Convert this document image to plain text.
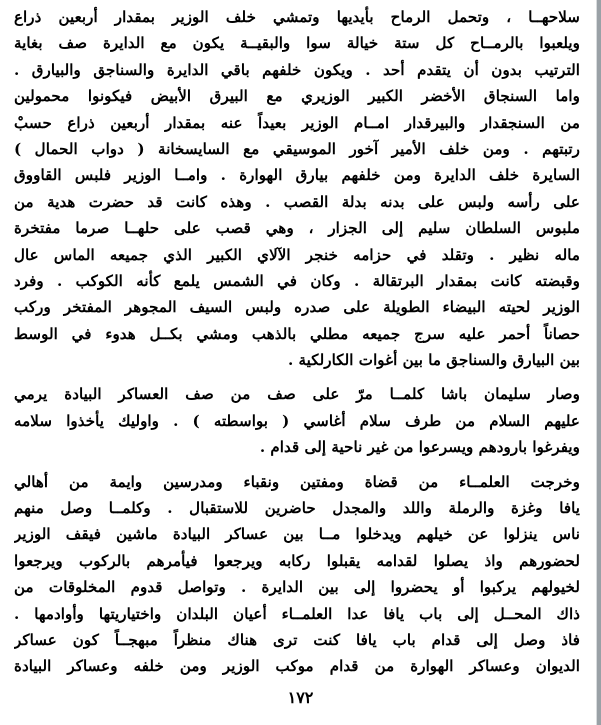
سلاحهــا ، وتحمل الرماح بأيديها وتمشي خلف الوزير بمقدار أربعين ذراع
ويلعبوا بالرمــاح كل ستة خيالة سوا والبقيــة يكون مع الدايرة صف بغاية
الترتيب بدون أن يتقدم أحد . ويكون خلفهم باقي الدايرة والسناجق والبيارق .
واما السنجاق الأخضر الكبير الوزيري مع البيرق الأبيض فيكونوا محمولين
من السنجقدار والبيرقدار امــام الوزير بعيداً عنه بمقدار أربعين ذراع حسبْ
رتبتهم . ومن خلف الأمير آخور الموسيقي مع السايسخانة ( دواب الحمال )
السايرة خلف الدايرة ومن خلفهم بيارق الهوارة . وامــا الوزير فلبس القاووق
على رأسه ولبس على بدنه بدلة القصب . وهذه كانت قد حضرت هدية من
ملبوس السلطان سليم إلى الجزار ، وهي قصب على حلهــا صرما مفتخرة
ماله نظير . وتقلد في حزامه خنجر الآلاي الكبير الذي جميعه الماس عال
وقبضته كانت بمقدار البرتقالة . وكان في الشمس يلمع كأنه الكوكب . وفرد
الوزير لحيته البيضاء الطويلة على صدره ولبس السيف المجوهر المفتخر وركب
حصاناً أحمر عليه سرج جميعه مطلي بالذهب ومشي بكــل هدوء في الوسط
بين البيارق والسناجق ما بين أغوات الكارلكية .
وصار سليمان باشا كلمــا مرّ على صف من صف العساكر البيادة يرمي
عليهم السلام من طرف سلام أغاسي ( بواسطته ) . واوليك يأخذوا سلامه
ويفرغوا بارودهم ويسرعوا من غير ناحية إلى قدام .
وخرجت العلمــاء من قضاة ومفتين ونقباء ومدرسين وايمة من أهالي
يافا وغزة والرملة واللد والمجدل حاضرين للاستقبال . وكلمــا وصل منهم
ناس ينزلوا عن خيلهم ويدخلوا مــا بين عساكر البيادة ماشين فيقف الوزير
لحضورهم واذ يصلوا لقدامه يقبلوا ركابه ويرجعوا فيأمرهم بالركوب ويرجعوا
لخيولهم يركبوا أو يحضروا إلى بين الدايرة . وتواصل قدوم المخلوقات من
ذاك المحــل إلى باب يافا عدا العلمــاء أعيان البلدان واختياريتها وأوادمها .
فاذ وصل إلى قدام باب يافا كنت ترى هناك منظراً مبهجــاً كون عساكر
الديوان وعساكر الهوارة من قدام موكب الوزير ومن خلفه وعساكر البيادة
١٧٢
